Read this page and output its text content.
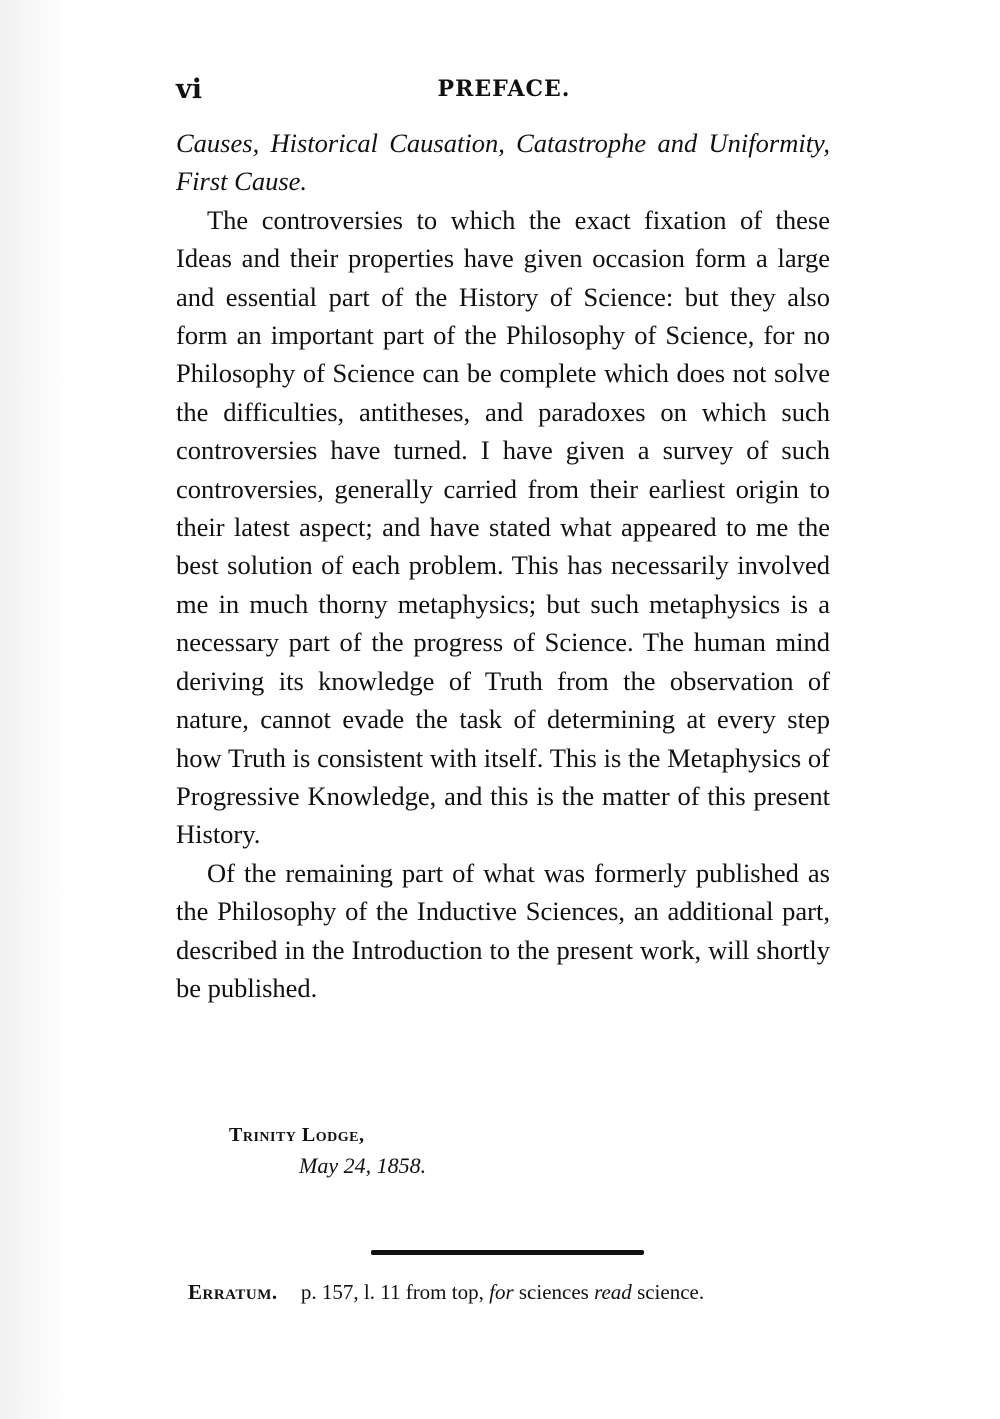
vi	PREFACE.

Causes, Historical Causation, Catastrophe and Uniformity, First Cause.

The controversies to which the exact fixation of these Ideas and their properties have given occasion form a large and essential part of the History of Science: but they also form an important part of the Philosophy of Science, for no Philosophy of Science can be complete which does not solve the difficulties, antitheses, and paradoxes on which such controversies have turned. I have given a survey of such controversies, generally carried from their earliest origin to their latest aspect; and have stated what appeared to me the best solution of each problem. This has necessarily involved me in much thorny metaphysics; but such metaphysics is a necessary part of the progress of Science. The human mind deriving its knowledge of Truth from the observation of nature, cannot evade the task of determining at every step how Truth is consistent with itself. This is the Metaphysics of Progressive Knowledge, and this is the matter of this present History.

Of the remaining part of what was formerly published as the Philosophy of the Inductive Sciences, an additional part, described in the Introduction to the present work, will shortly be published.

Trinity Lodge,
May 24, 1858.
Erratum. p. 157, l. 11 from top, for sciences read science.
